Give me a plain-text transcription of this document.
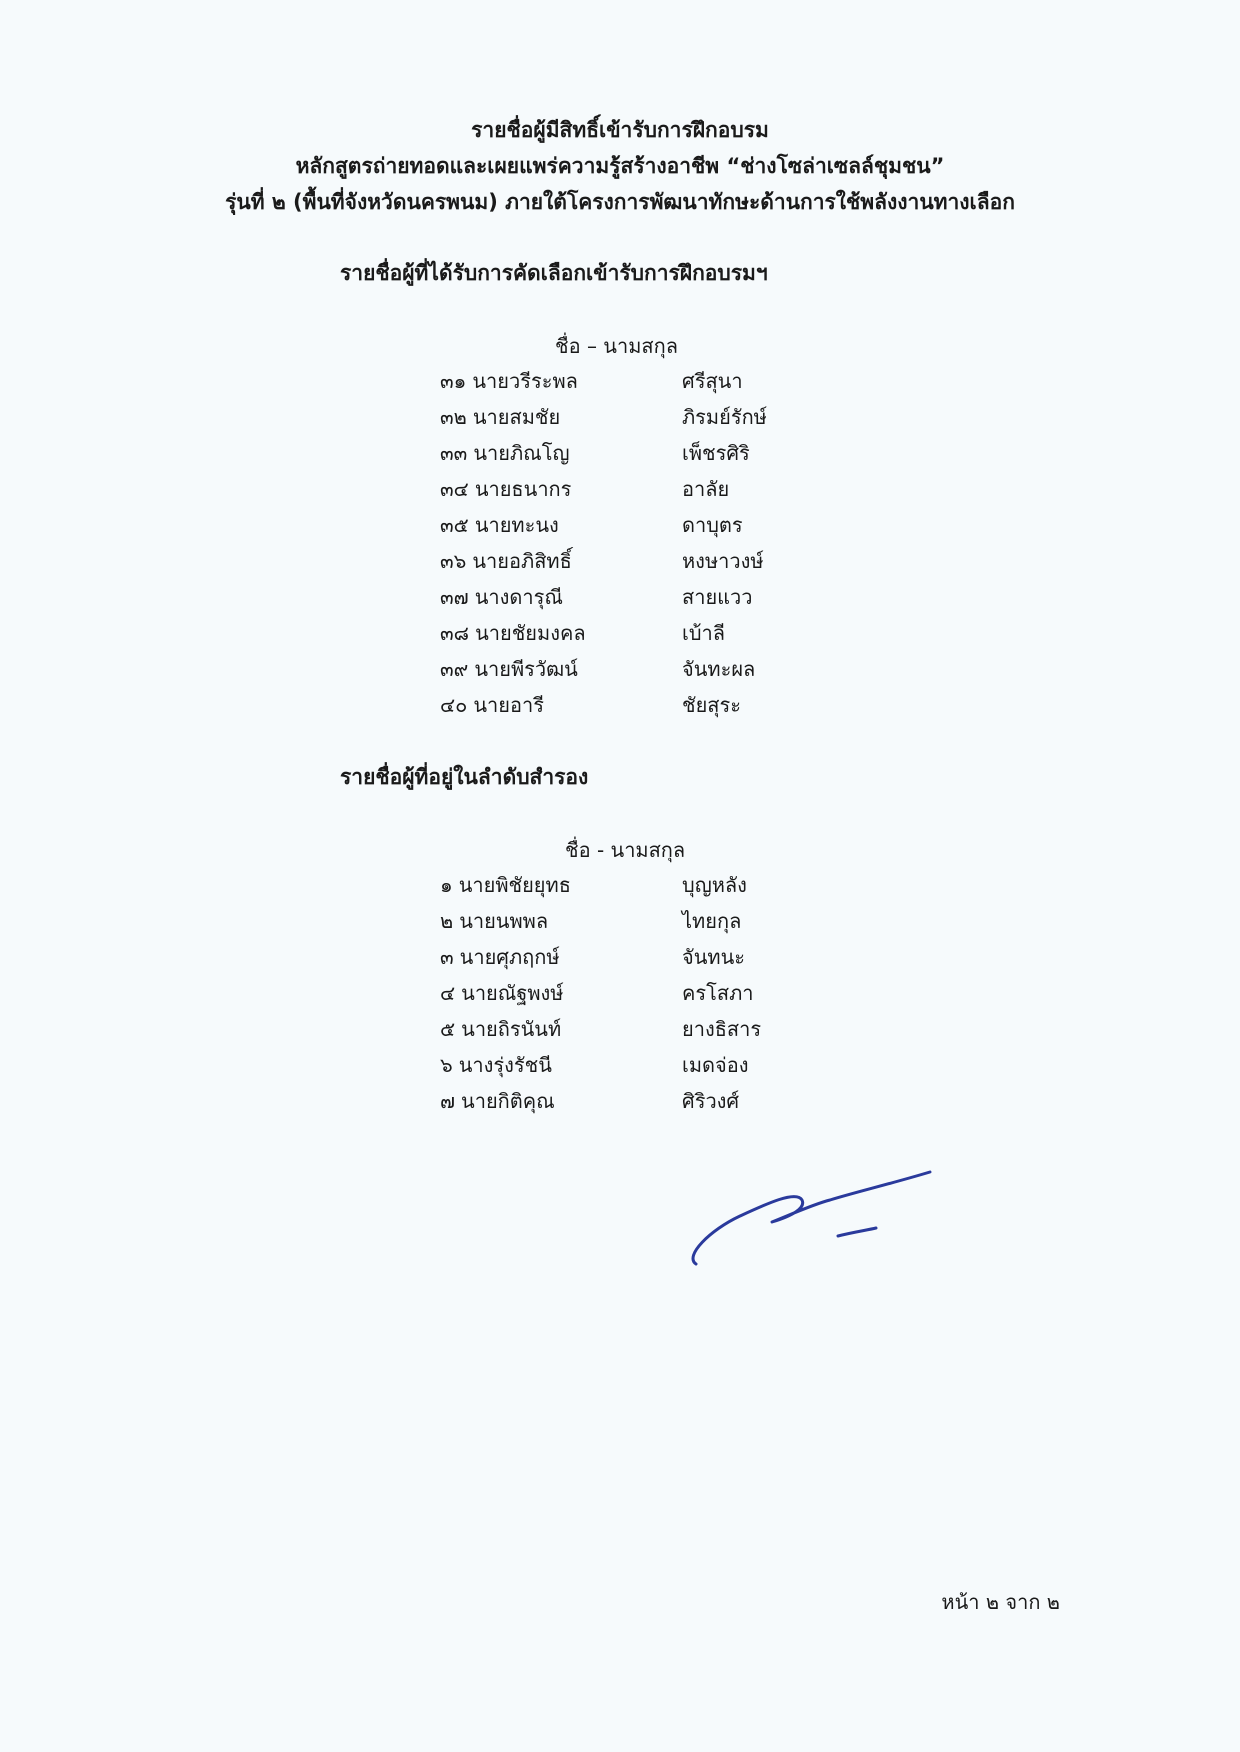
รายชื่อผู้มีสิทธิ์เข้ารับการฝึกอบรม
หลักสูตรถ่ายทอดและเผยแพร่ความรู้สร้างอาชีพ “ช่างโซล่าเซลล์ชุมชน”
รุ่นที่ ๒ (พื้นที่จังหวัดนครพนม) ภายใต้โครงการพัฒนาทักษะด้านการใช้พลังงานทางเลือก
รายชื่อผู้ที่ได้รับการคัดเลือกเข้ารับการฝึกอบรมฯ
ชื่อ – นามสกุล
๓๑ นายวรีระพล	ศรีสุนา
๓๒ นายสมชัย	ภิรมย์รักษ์
๓๓ นายภิณโญ	เพ็ชรศิริ
๓๔ นายธนากร	อาลัย
๓๕ นายทะนง	ดาบุตร
๓๖ นายอภิสิทธิ์	หงษาวงษ์
๓๗ นางดารุณี	สายแวว
๓๘ นายชัยมงคล	เบ้าลี
๓๙ นายพีรวัฒน์	จันทะผล
๔๐ นายอารี	ชัยสุระ
รายชื่อผู้ที่อยู่ในลำดับสำรอง
ชื่อ - นามสกุล
๑ นายพิชัยยุทธ	บุญหลัง
๒ นายนพพล	ไทยกุล
๓ นายศุภฤกษ์	จันทนะ
๔ นายณัฐพงษ์	ครโสภา
๕ นายถิรนันท์	ยางธิสาร
๖ นางรุ่งรัชนี	เมดจ่อง
๗ นายกิติคุณ	ศิริวงศ์
หน้า ๒ จาก ๒
